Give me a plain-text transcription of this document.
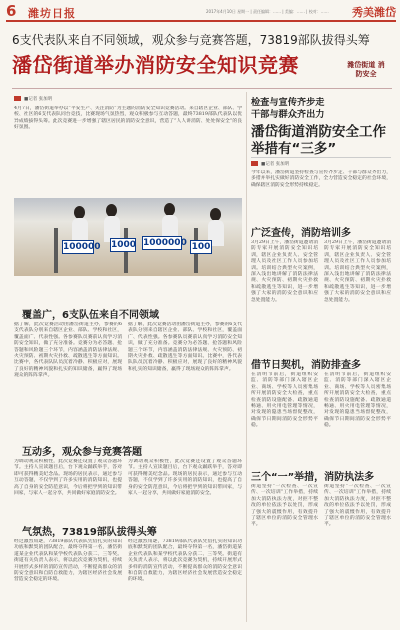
6 潍坊日报	2017年4月10日 星期一 | 责任编辑：…… | 美编：…… | 校对：…… 秀美潍岱
6支代表队来自不同领域，观众参与竞赛答题，73819部队拔得头筹
潘岱街道举办消防安全知识竞赛	潍岱街道 消防安全
■记者 张加明
4月7日，潘岱街道举办以“平安生产、关注消防”为主题的消防安全知识竞赛活动。来自辖区企业、部队、学校、社区的6支代表队同台竞技，比赛现场气氛热烈，观众积极参与互动答题，最终73819部队代表队以优异成绩拔得头筹。此次竞赛进一步增强了辖区居民的消防安全意识，营造了“人人讲消防、处处保安全”的良好氛围。
100000 1000 1000000 100
覆盖广，6支队伍来自不同领域
据了解，此次竞赛活动由潘岱街道主办，参赛的6支代表队分别来自辖区企业、部队、学校和社区，覆盖面广、代表性强。各参赛队员赛前认真学习消防安全知识，做了充分准备。竞赛分为必答题、抢答题和风险题三个环节，内容涵盖消防法律法规、火灾预防、初期火灾扑救、疏散逃生等方面知识。比赛中，各代表队队员沉着冷静、积极应对，展现了良好的精神风貌和扎实的知识储备，赢得了现场观众的阵阵掌声。
据了解，此次竞赛活动由潘岱街道主办，参赛的6支代表队分别来自辖区企业、部队、学校和社区，覆盖面广、代表性强。各参赛队员赛前认真学习消防安全知识，做了充分准备。竞赛分为必答题、抢答题和风险题三个环节，内容涵盖消防法律法规、火灾预防、初期火灾扑救、疏散逃生等方面知识。比赛中，各代表队队员沉着冷静、积极应对，展现了良好的精神风貌和扎实的知识储备，赢得了现场观众的阵阵掌声。
互动多，观众参与竞赛答题
为调动观众积极性，此次竞赛还设置了观众答题环节。主持人宣读题目后，台下观众踊跃举手，答对即可获得精美纪念品。现场的居民表示，通过参与互动答题，不仅学到了许多实用的消防知识，也提高了自身的安全防范意识，今后将把学到的知识带回家，与家人一起分享，共同做好家庭消防安全。
为调动观众积极性，此次竞赛还设置了观众答题环节。主持人宣读题目后，台下观众踊跃举手，答对即可获得精美纪念品。现场的居民表示，通过参与互动答题，不仅学到了许多实用的消防知识，也提高了自身的安全防范意识，今后将把学到的知识带回家，与家人一起分享，共同做好家庭消防安全。
气氛热，73819部队拔得头筹
经过激烈角逐，73819部队代表队凭借扎实的知识功底和默契的团队配合，最终夺得第一名，潘岱街道某企业代表队和某学校代表队分获二、三等奖。街道有关负责人表示，将以此次竞赛为契机，持续开展形式多样的消防宣传活动，不断提高群众的消防安全意识和自防自救能力，为辖区经济社会发展营造安全稳定的环境。
经过激烈角逐，73819部队代表队凭借扎实的知识功底和默契的团队配合，最终夺得第一名，潘岱街道某企业代表队和某学校代表队分获二、三等奖。街道有关负责人表示，将以此次竞赛为契机，持续开展形式多样的消防宣传活动，不断提高群众的消防安全意识和自防自救能力，为辖区经济社会发展营造安全稳定的环境。
检查与宣传齐步走
干部与群众齐出力
潘岱街道消防安全工作
举措有“三多”
■记者 张加明
今年以来，潘岱街道坚持检查与宣传齐步走、干部与群众齐出力，多措并举扎实做好消防安全工作，全力营造安全稳定的社会环境，确保辖区消防安全形势持续稳定。
广泛查传，消防培训多
3月29日上午，潘岱街道邀请消防专家开展消防安全知识培训，辖区企业负责人、安全管理人员及社区工作人员参加培训。培训结合典型火灾案例，深入浅出地讲解了消防法律法规、火灾预防、初期火灾扑救和疏散逃生等知识，进一步增强了大家的消防安全意识和应急处置能力。
3月29日上午，潘岱街道邀请消防专家开展消防安全知识培训，辖区企业负责人、安全管理人员及社区工作人员参加培训。培训结合典型火灾案例，深入浅出地讲解了消防法律法规、火灾预防、初期火灾扑救和疏散逃生等知识，进一步增强了大家的消防安全意识和应急处置能力。
借节日契机，消防排查多
在清明节前后，街道组织安监、消防等部门深入辖区企业、商场、学校等人员密集场所开展消防安全大检查，重点检查消防设施配备、疏散通道畅通、用火用电管理等情况，对发现的隐患当场督促整改，确保节日期间消防安全形势平稳。
在清明节前后，街道组织安监、消防等部门深入辖区企业、商场、学校等人员密集场所开展消防安全大检查，重点检查消防设施配备、疏散通道畅通、用火用电管理等情况，对发现的隐患当场督促整改，确保节日期间消防安全形势平稳。
三个“一”举措，消防执法多
街道坚持“一次检查、一次宣传、一次培训”工作举措，持续加大消防执法力度，对拒不整改的单位依法予以处罚，形成了强大的震慑作用，有效提升了辖区单位的消防安全管理水平。
街道坚持“一次检查、一次宣传、一次培训”工作举措，持续加大消防执法力度，对拒不整改的单位依法予以处罚，形成了强大的震慑作用，有效提升了辖区单位的消防安全管理水平。
